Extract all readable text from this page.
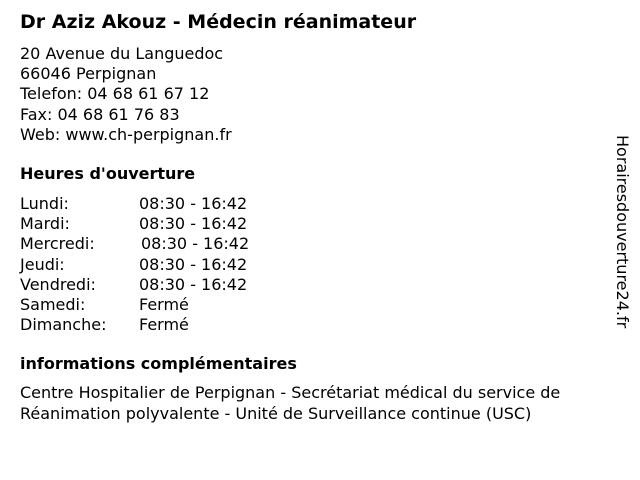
Dr Aziz Akouz - Médecin réanimateur
20 Avenue du Languedoc
66046 Perpignan
Telefon: 04 68 61 67 12
Fax: 04 68 61 76 83
Web: www.ch-perpignan.fr
Heures d'ouverture
Lundi:	08:30 - 16:42
Mardi:	08:30 - 16:42
Mercredi:	08:30 - 16:42
Jeudi:	08:30 - 16:42
Vendredi:	08:30 - 16:42
Samedi:	Fermé
Dimanche: Fermé
informations complémentaires
Centre Hospitalier de Perpignan - Secrétariat médical du service de
Réanimation polyvalente - Unité de Surveillance continue (USC)
Horairesdouverture24.fr
